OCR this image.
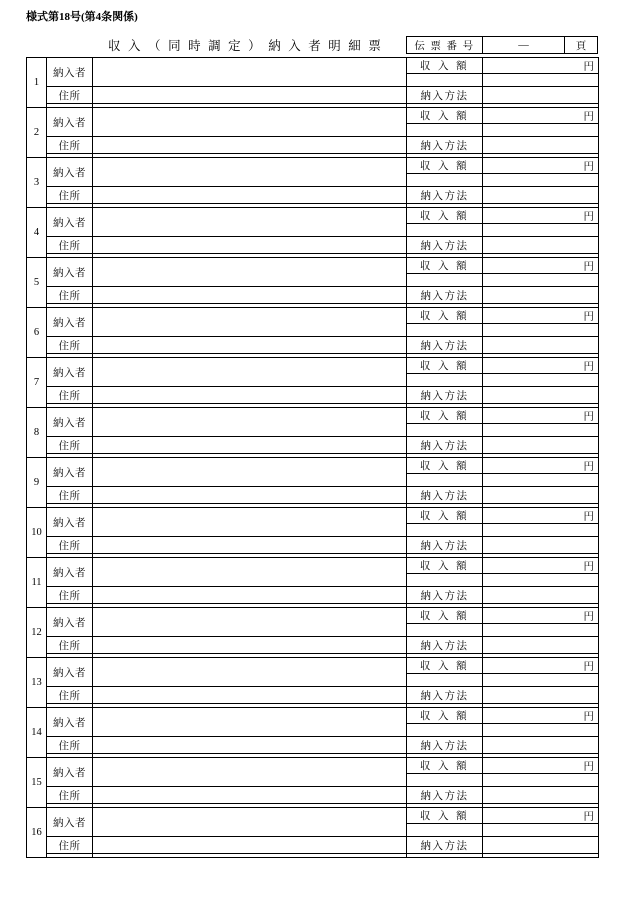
様式第18号(第4条関係)
収 入 （ 同 時 調 定 ） 納 入 者 明 細 票	伝 票 番 号	—	頁
1	納入者		収 入 額	円

	住所		納入方法	

2	納入者		収 入 額	円

	住所		納入方法	

3	納入者		収 入 額	円

	住所		納入方法	

4	納入者		収 入 額	円

	住所		納入方法	

5	納入者		収 入 額	円

	住所		納入方法	

6	納入者		収 入 額	円

	住所		納入方法	

7	納入者		収 入 額	円

	住所		納入方法	

8	納入者		収 入 額	円

	住所		納入方法	

9	納入者		収 入 額	円

	住所		納入方法	

10	納入者		収 入 額	円

	住所		納入方法	

11	納入者		収 入 額	円

	住所		納入方法	

12	納入者		収 入 額	円

	住所		納入方法	

13	納入者		収 入 額	円

	住所		納入方法	

14	納入者		収 入 額	円

	住所		納入方法	

15	納入者		収 入 額	円

	住所		納入方法	

16	納入者		収 入 額	円

	住所		納入方法	
